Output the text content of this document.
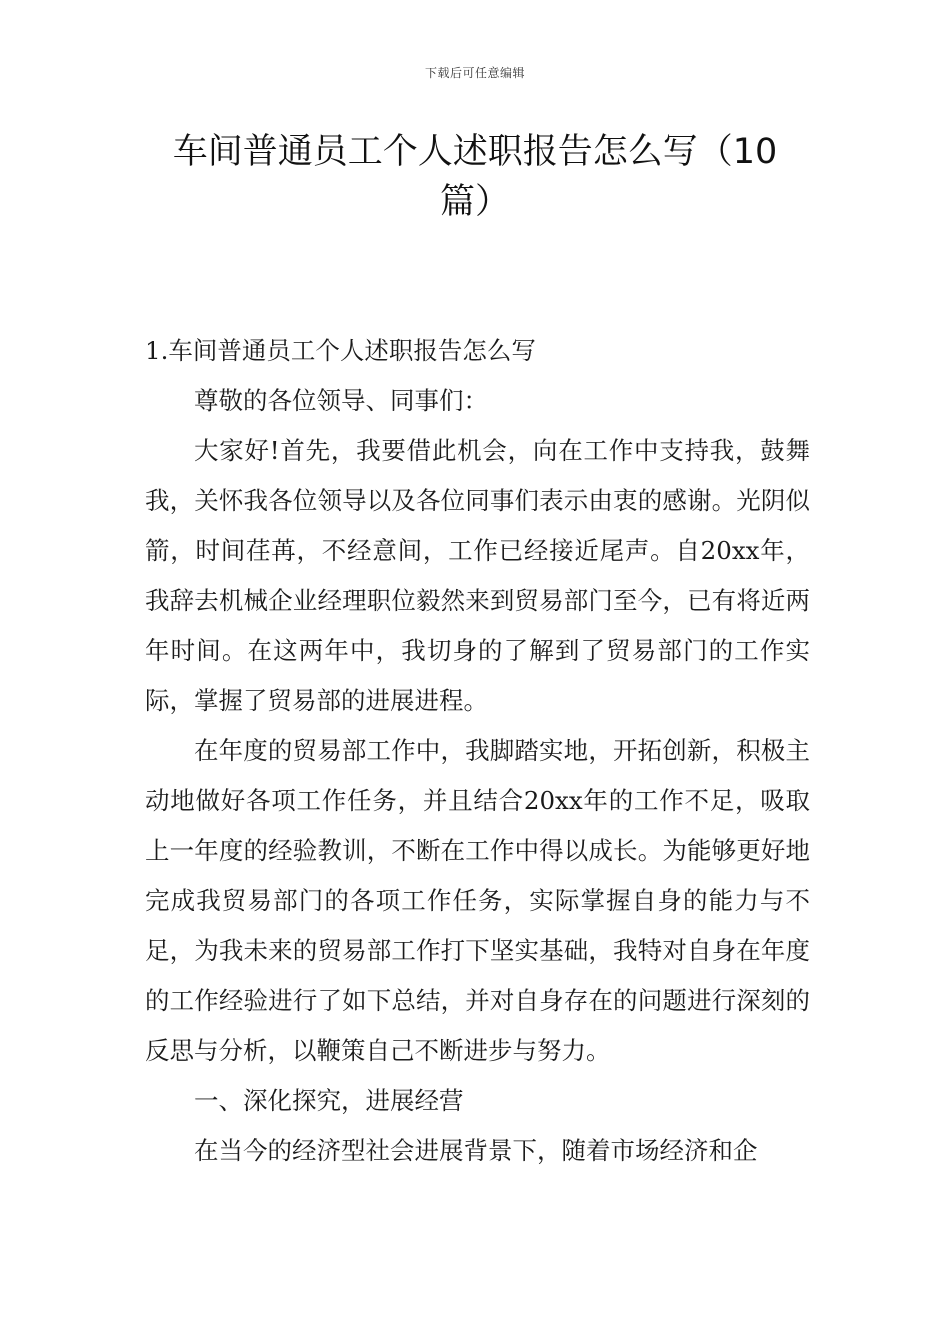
下载后可任意编辑
车间普通员工个人述职报告怎么写（10篇）

1.车间普通员工个人述职报告怎么写

尊敬的各位领导、同事们：

大家好!首先，我要借此机会，向在工作中支持我，鼓舞我，关怀我各位领导以及各位同事们表示由衷的感谢。光阴似箭，时间荏苒，不经意间，工作已经接近尾声。自20xx年，我辞去机械企业经理职位毅然来到贸易部门至今，已有将近两年时间。在这两年中，我切身的了解到了贸易部门的工作实际，掌握了贸易部的进展进程。

在年度的贸易部工作中，我脚踏实地，开拓创新，积极主动地做好各项工作任务，并且结合20xx年的工作不足，吸取上一年度的经验教训，不断在工作中得以成长。为能够更好地完成我贸易部门的各项工作任务，实际掌握自身的能力与不足，为我未来的贸易部工作打下坚实基础，我特对自身在年度的工作经验进行了如下总结，并对自身存在的问题进行深刻的反思与分析，以鞭策自己不断进步与努力。

一、深化探究，进展经营

在当今的经济型社会进展背景下，随着市场经济和企
